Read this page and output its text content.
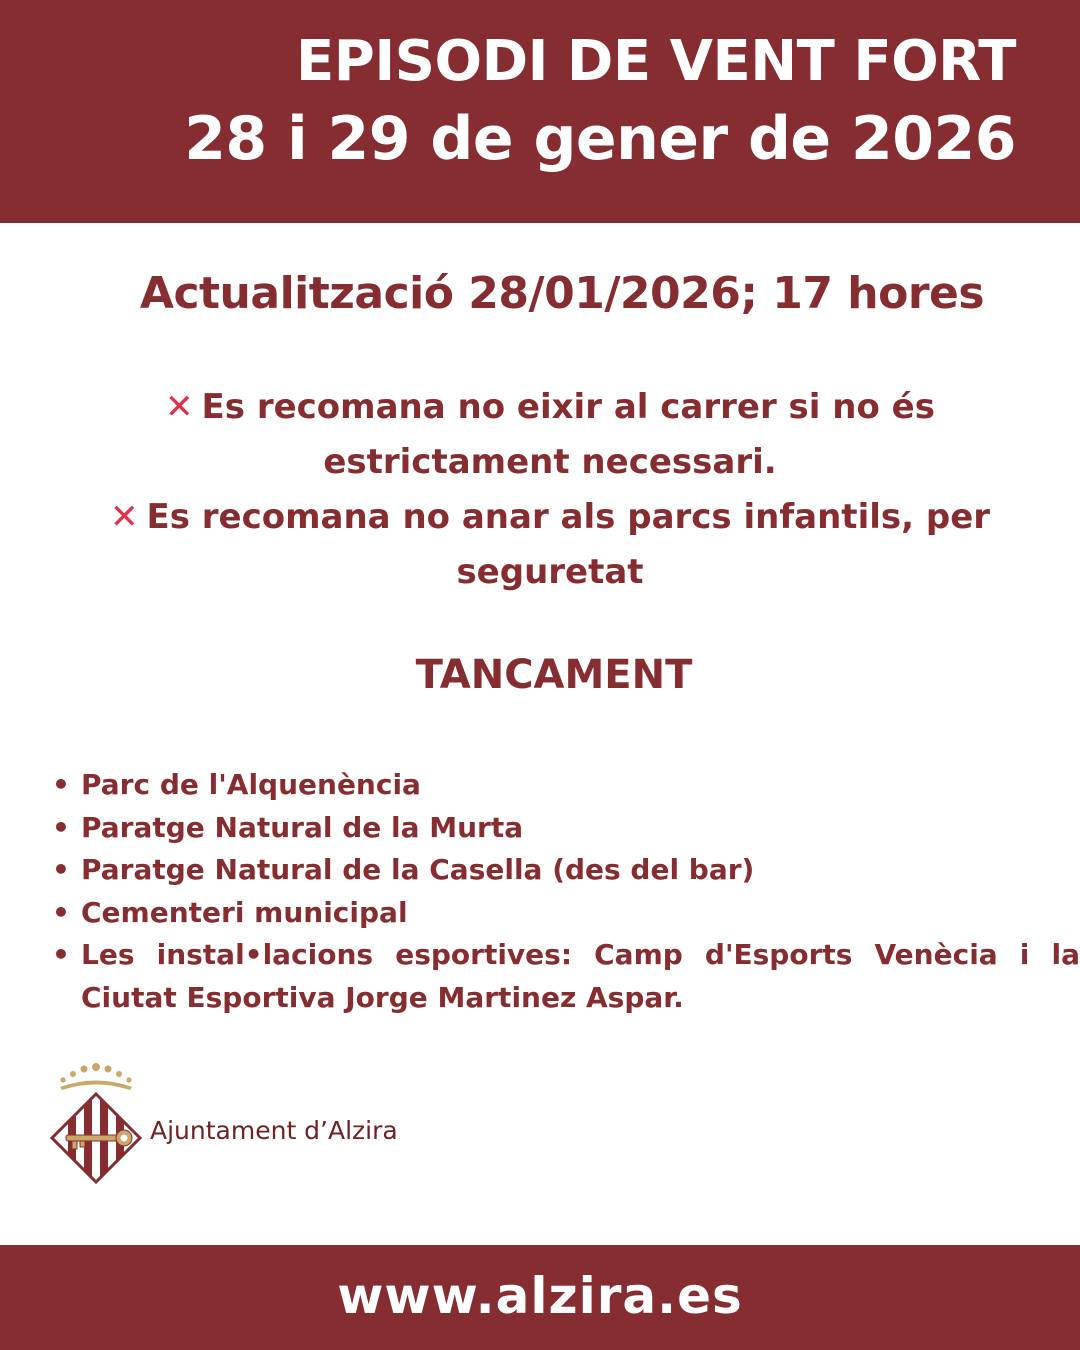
EPISODI DE VENT FORT
28 i 29 de gener de 2026
Actualització 28/01/2026; 17 hores
✕ Es recomana no eixir al carrer si no és estrictament necessari.
✕ Es recomana no anar als parcs infantils, per seguretat
TANCAMENT
• Parc de l'Alquenència
• Paratge Natural de la Murta
• Paratge Natural de la Casella (des del bar)
• Cementeri municipal
• Les instal•lacions esportives: Camp d'Esports Venècia i la Ciutat Esportiva Jorge Martinez Aspar.
Ajuntament d’Alzira
www.alzira.es
